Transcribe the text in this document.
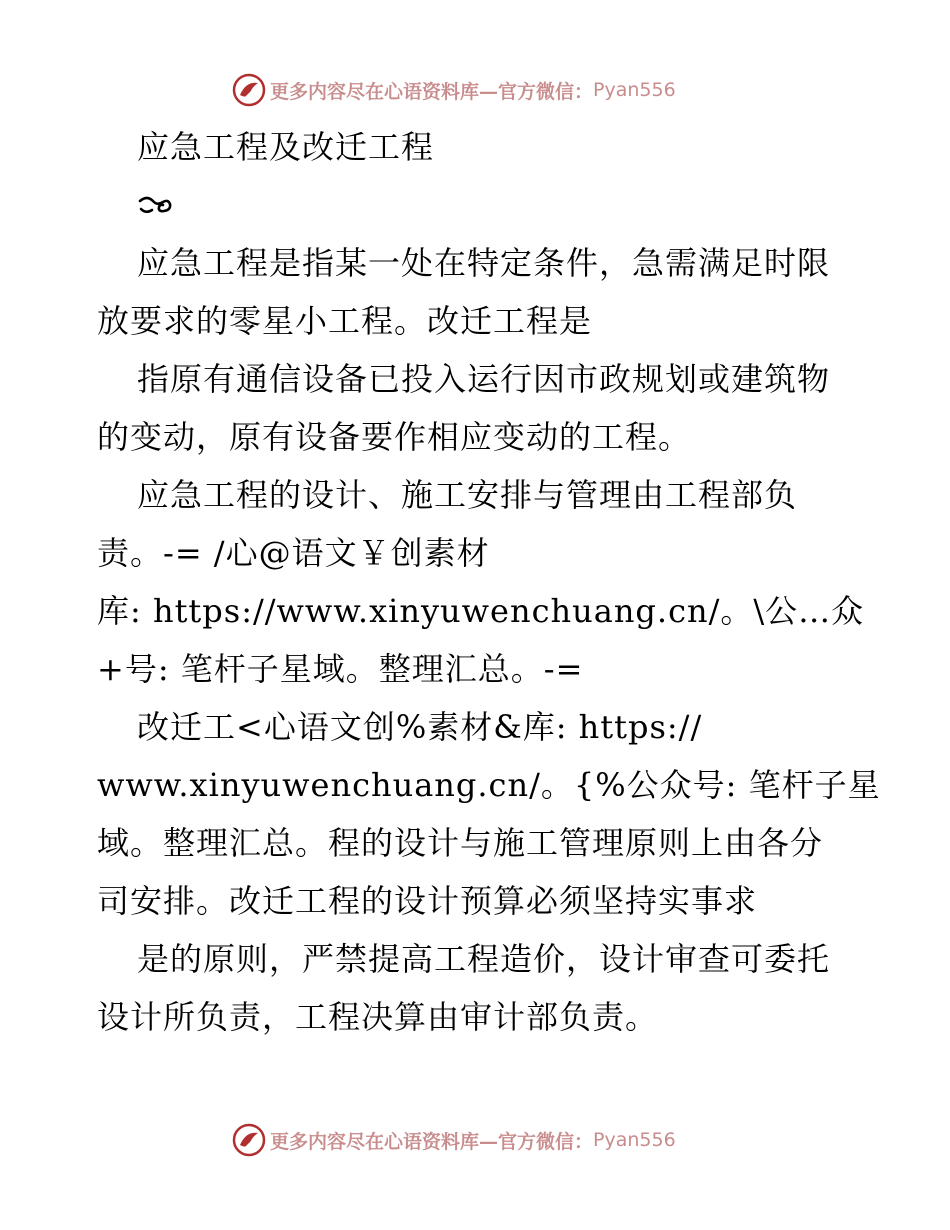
更多内容尽在心语资料库—官方微信： Pyan556
应急工程及改迁工程
应急工程是指某一处在特定条件，急需满足时限
放要求的零星小工程。改迁工程是
指原有通信设备已投入运行因市政规划或建筑物
的变动，原有设备要作相应变动的工程。
应急工程的设计、施工安排与管理由工程部负
责。-= /心@语文￥创素材
库: https://www.xinyuwenchuang.cn/。\公…众
+号: 笔杆子星域。整理汇总。-=
改迁工<心语文创%素材&库: https://
www.xinyuwenchuang.cn/。{%公众号: 笔杆子星
域。整理汇总。程的设计与施工管理原则上由各分
司安排。改迁工程的设计预算必须坚持实事求
是的原则，严禁提高工程造价，设计审查可委托
设计所负责，工程决算由审计部负责。
更多内容尽在心语资料库—官方微信： Pyan556
